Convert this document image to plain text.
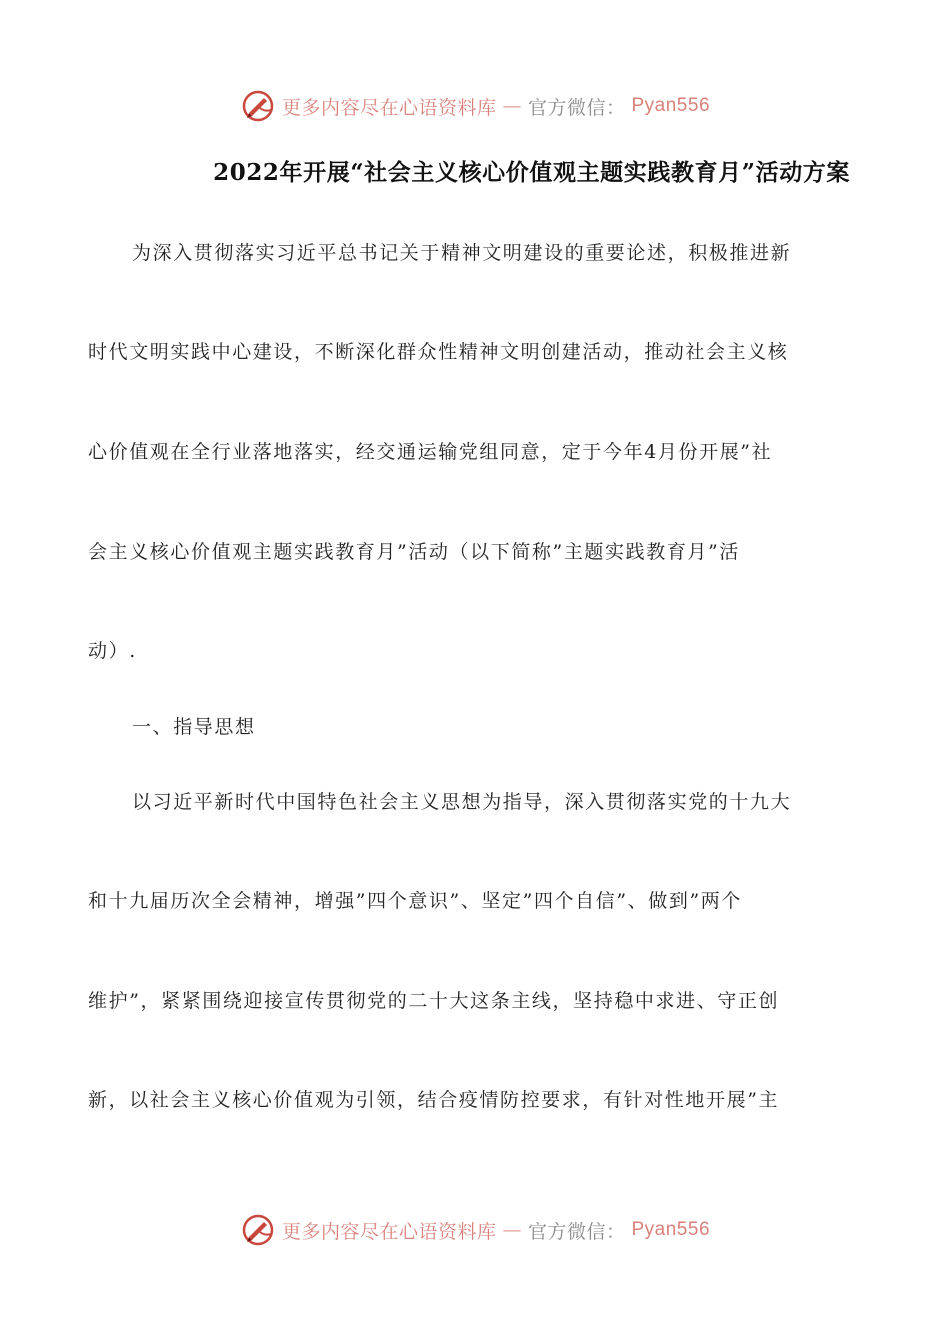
更多内容尽在心语资料库 — 官方微信： Pyan556
2022年开展“社会主义核心价值观主题实践教育月”活动方案
为深入贯彻落实习近平总书记关于精神文明建设的重要论述，积极推进新
时代文明实践中心建设，不断深化群众性精神文明创建活动，推动社会主义核
心价值观在全行业落地落实，经交通运输党组同意，定于今年4月份开展”社
会主义核心价值观主题实践教育月”活动（以下简称”主题实践教育月”活
动）.
一、指导思想
以习近平新时代中国特色社会主义思想为指导，深入贯彻落实党的十九大
和十九届历次全会精神，增强”四个意识”、坚定”四个自信”、做到”两个
维护”，紧紧围绕迎接宣传贯彻党的二十大这条主线，坚持稳中求进、守正创
新，以社会主义核心价值观为引领，结合疫情防控要求，有针对性地开展”主
更多内容尽在心语资料库 — 官方微信： Pyan556
